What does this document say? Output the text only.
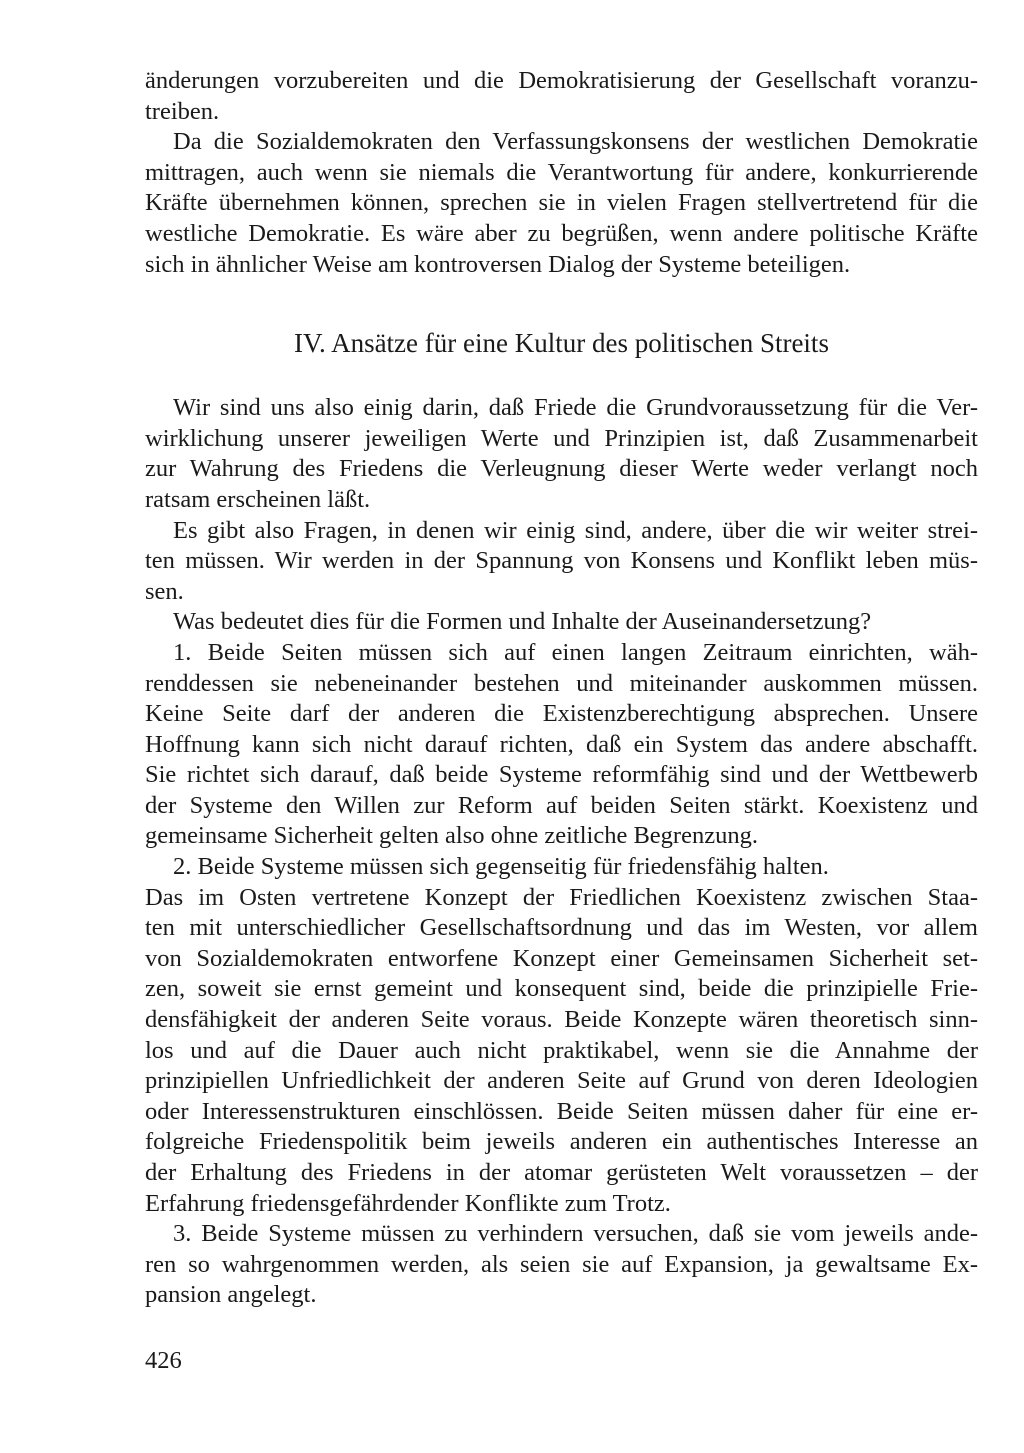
änderungen vorzubereiten und die Demokratisierung der Gesellschaft voranzu-
treiben.
Da die Sozialdemokraten den Verfassungskonsens der westlichen Demokratie
mittragen, auch wenn sie niemals die Verantwortung für andere, konkurrierende
Kräfte übernehmen können, sprechen sie in vielen Fragen stellvertretend für die
westliche Demokratie. Es wäre aber zu begrüßen, wenn andere politische Kräfte
sich in ähnlicher Weise am kontroversen Dialog der Systeme beteiligen.
IV. Ansätze für eine Kultur des politischen Streits
Wir sind uns also einig darin, daß Friede die Grundvoraussetzung für die Ver-
wirklichung unserer jeweiligen Werte und Prinzipien ist, daß Zusammenarbeit
zur Wahrung des Friedens die Verleugnung dieser Werte weder verlangt noch
ratsam erscheinen läßt.
Es gibt also Fragen, in denen wir einig sind, andere, über die wir weiter strei-
ten müssen. Wir werden in der Spannung von Konsens und Konflikt leben müs-
sen.
Was bedeutet dies für die Formen und Inhalte der Auseinandersetzung?
1. Beide Seiten müssen sich auf einen langen Zeitraum einrichten, wäh-
renddessen sie nebeneinander bestehen und miteinander auskommen müssen.
Keine Seite darf der anderen die Existenzberechtigung absprechen. Unsere
Hoffnung kann sich nicht darauf richten, daß ein System das andere abschafft.
Sie richtet sich darauf, daß beide Systeme reformfähig sind und der Wettbewerb
der Systeme den Willen zur Reform auf beiden Seiten stärkt. Koexistenz und
gemeinsame Sicherheit gelten also ohne zeitliche Begrenzung.
2. Beide Systeme müssen sich gegenseitig für friedensfähig halten.
Das im Osten vertretene Konzept der Friedlichen Koexistenz zwischen Staa-
ten mit unterschiedlicher Gesellschaftsordnung und das im Westen, vor allem
von Sozialdemokraten entworfene Konzept einer Gemeinsamen Sicherheit set-
zen, soweit sie ernst gemeint und konsequent sind, beide die prinzipielle Frie-
densfähigkeit der anderen Seite voraus. Beide Konzepte wären theoretisch sinn-
los und auf die Dauer auch nicht praktikabel, wenn sie die Annahme der
prinzipiellen Unfriedlichkeit der anderen Seite auf Grund von deren Ideologien
oder Interessenstrukturen einschlössen. Beide Seiten müssen daher für eine er-
folgreiche Friedenspolitik beim jeweils anderen ein authentisches Interesse an
der Erhaltung des Friedens in der atomar gerüsteten Welt voraussetzen – der
Erfahrung friedensgefährdender Konflikte zum Trotz.
3. Beide Systeme müssen zu verhindern versuchen, daß sie vom jeweils ande-
ren so wahrgenommen werden, als seien sie auf Expansion, ja gewaltsame Ex-
pansion angelegt.
426
